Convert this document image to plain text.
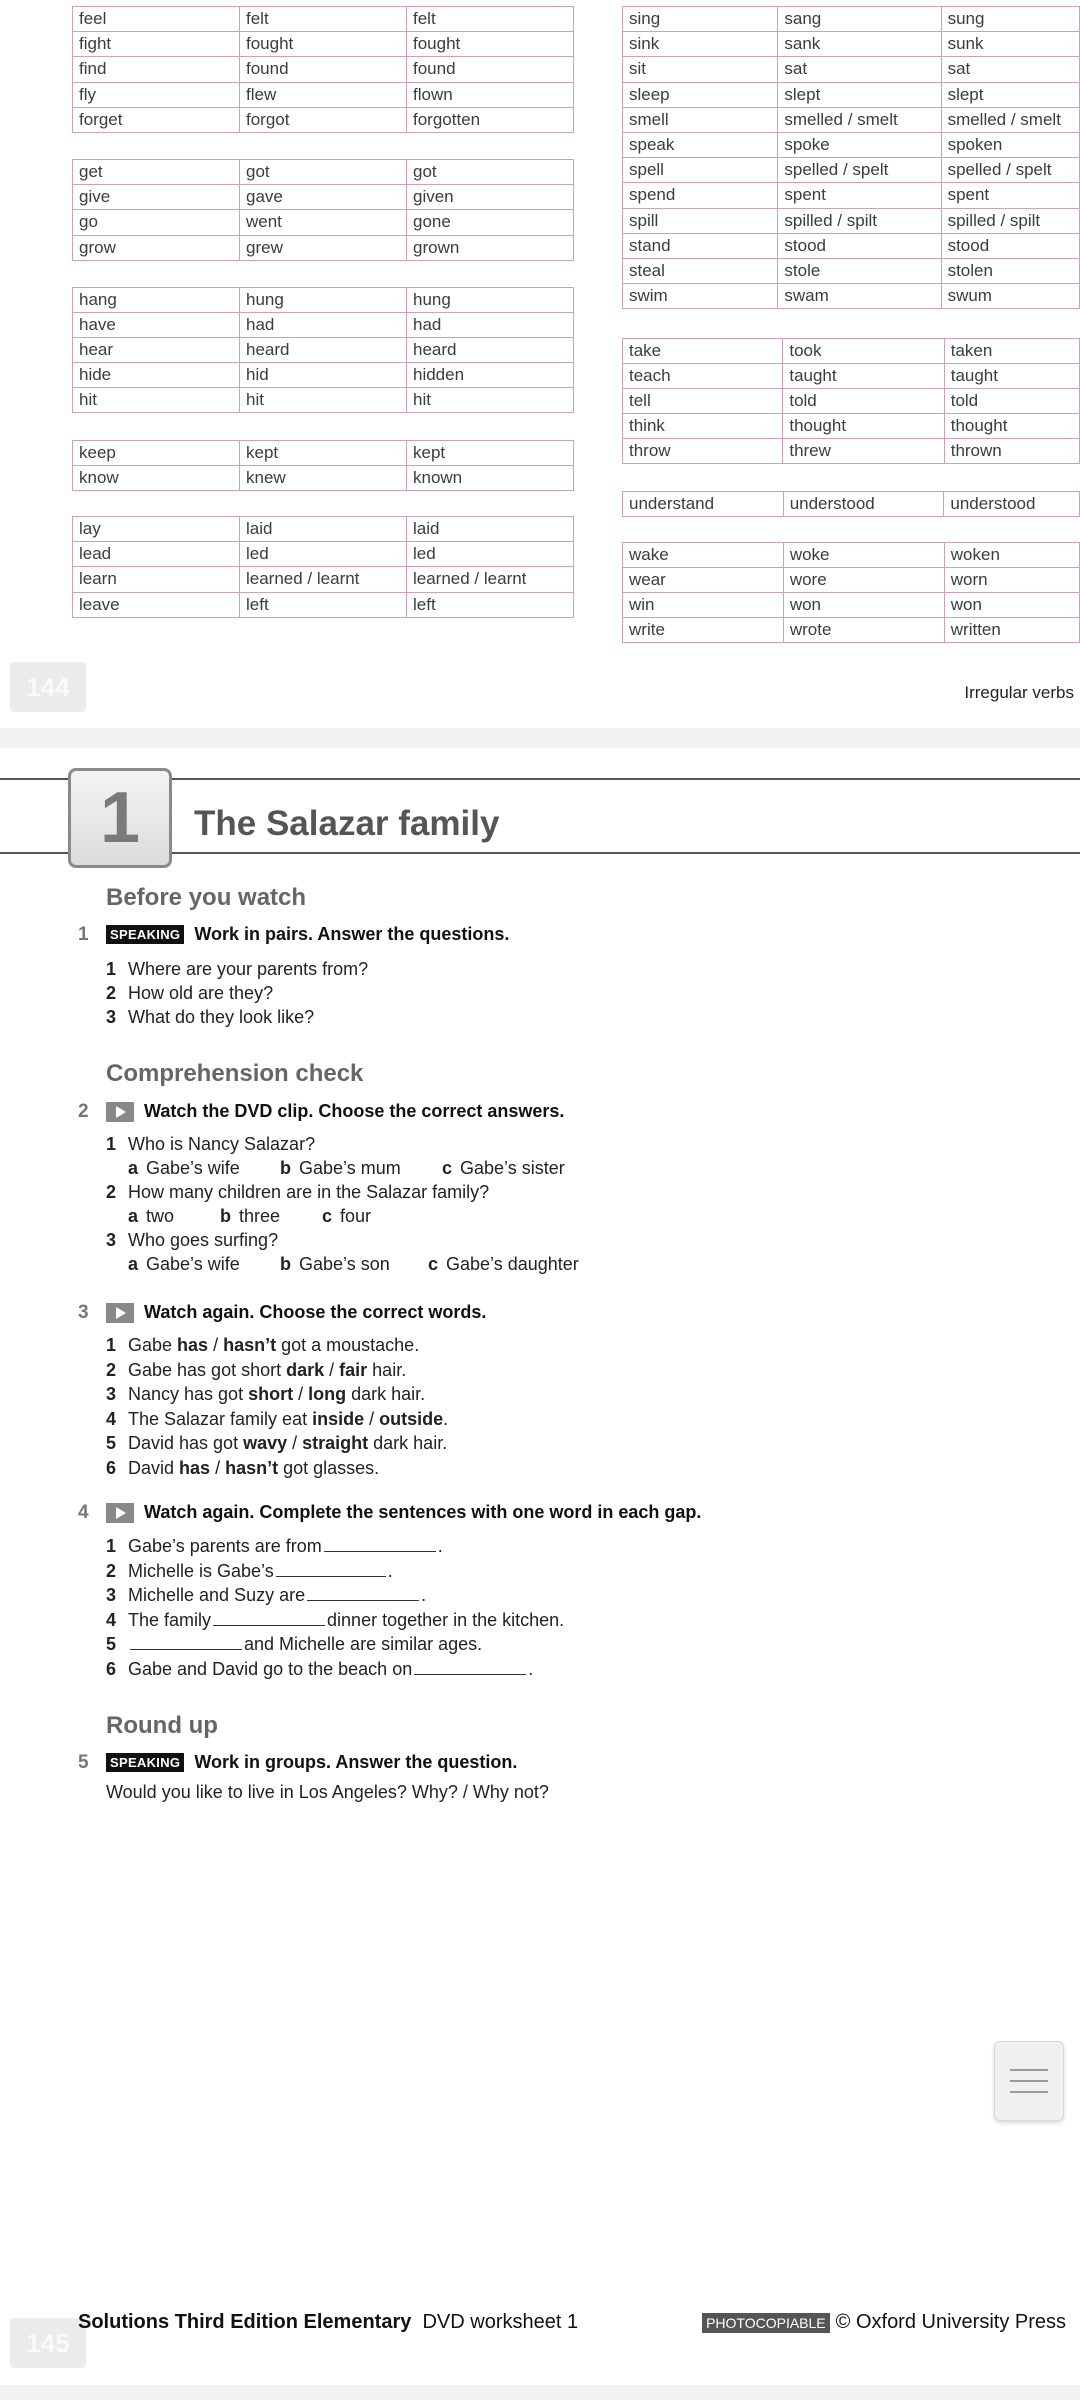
feel	felt	felt
fight	fought	fought
find	found	found
fly	flew	flown
forget	forgot	forgotten
get	got	got
give	gave	given
go	went	gone
grow	grew	grown
hang	hung	hung
have	had	had
hear	heard	heard
hide	hid	hidden
hit	hit	hit
keep	kept	kept
know	knew	known
lay	laid	laid
lead	led	led
learn	learned / learnt	learned / learnt
leave	left	left
sing	sang	sung
sink	sank	sunk
sit	sat	sat
sleep	slept	slept
smell	smelled / smelt	smelled / smelt
speak	spoke	spoken
spell	spelled / spelt	spelled / spelt
spend	spent	spent
spill	spilled / spilt	spilled / spilt
stand	stood	stood
steal	stole	stolen
swim	swam	swum
take	took	taken
teach	taught	taught
tell	told	told
think	thought	thought
throw	threw	thrown
understand	understood	understood
wake	woke	woken
wear	wore	worn
win	won	won
write	wrote	written
144	Irregular verbs
1 The Salazar family
Before you watch
1	SPEAKING Work in pairs. Answer the questions.
1 Where are your parents from?
2 How old are they?
3 What do they look like?
Comprehension check
2	Watch the DVD clip. Choose the correct answers.
1 Who is Nancy Salazar?
a Gabe’s wife b Gabe’s mum c Gabe’s sister
2 How many children are in the Salazar family?
a two	b three c four
3 Who goes surfing?
a Gabe’s wife b Gabe’s son c Gabe’s daughter
3	Watch again. Choose the correct words.
1 Gabe has / hasn’t got a moustache.
2 Gabe has got short dark / fair hair.
3 Nancy has got short / long dark hair.
4 The Salazar family eat inside / outside.
5 David has got wavy / straight dark hair.
6 David has / hasn’t got glasses.
4	Watch again. Complete the sentences with one word in each gap.
1 Gabe’s parents are from	.
2 Michelle is Gabe’s	.
3 Michelle and Suzy are	.
4 The family	dinner together in the kitchen.
5	and Michelle are similar ages.
6 Gabe and David go to the beach on	.
Round up
5	SPEAKING Work in groups. Answer the question.
Would you like to live in Los Angeles? Why? / Why not?
145
Solutions Third Edition Elementary DVD worksheet 1	PHOTOCOPIABLE © Oxford University Press
